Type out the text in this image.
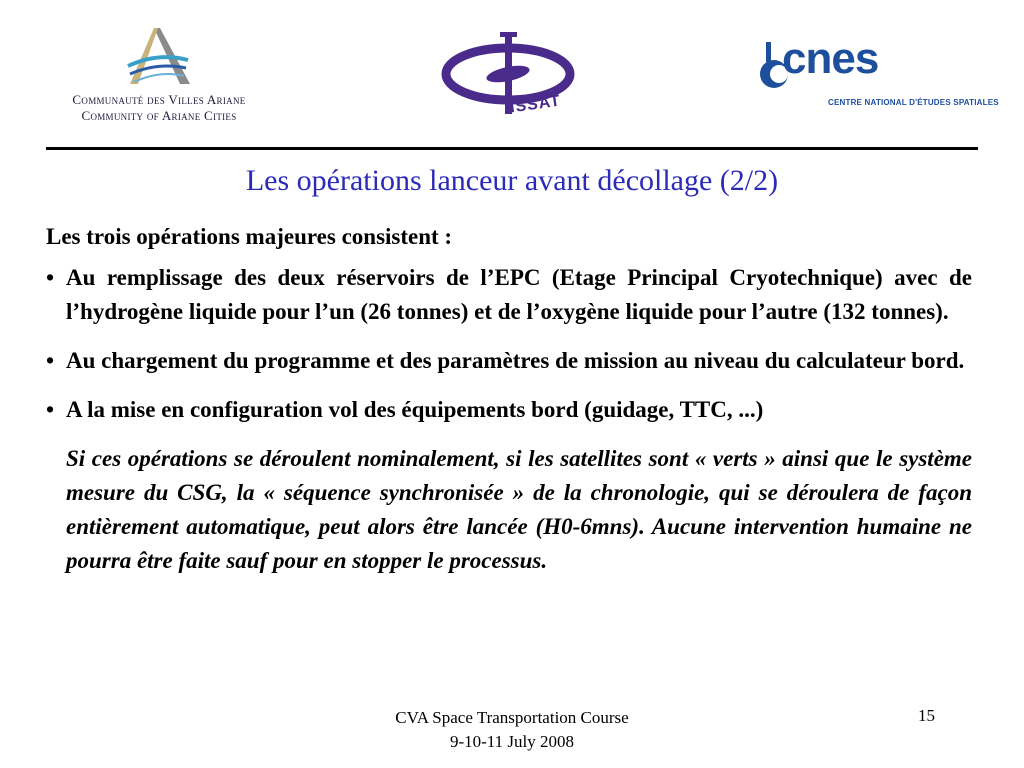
Communauté des Villes Ariane
Community of Ariane Cities	ISSAT
cnes
CENTRE NATIONAL D'ÉTUDES SPATIALES
Les opérations lanceur avant décollage (2/2)
Les trois opérations majeures consistent :
• Au remplissage des deux réservoirs de l’EPC (Etage Principal Cryotechnique) avec de l’hydrogène liquide pour l’un (26 tonnes) et de l’oxygène liquide pour l’autre (132 tonnes).
• Au chargement du programme et des paramètres de mission au niveau du calculateur bord.
• A la mise en configuration vol des équipements bord (guidage, TTC, ...)
Si ces opérations se déroulent nominalement, si les satellites sont « verts » ainsi que le système mesure du CSG, la « séquence synchronisée » de la chronologie, qui se déroulera de façon entièrement automatique, peut alors être lancée (H0-6mns). Aucune intervention humaine ne pourra être faite sauf pour en stopper le processus.
CVA Space Transportation Course
9-10-11 July 2008
15
